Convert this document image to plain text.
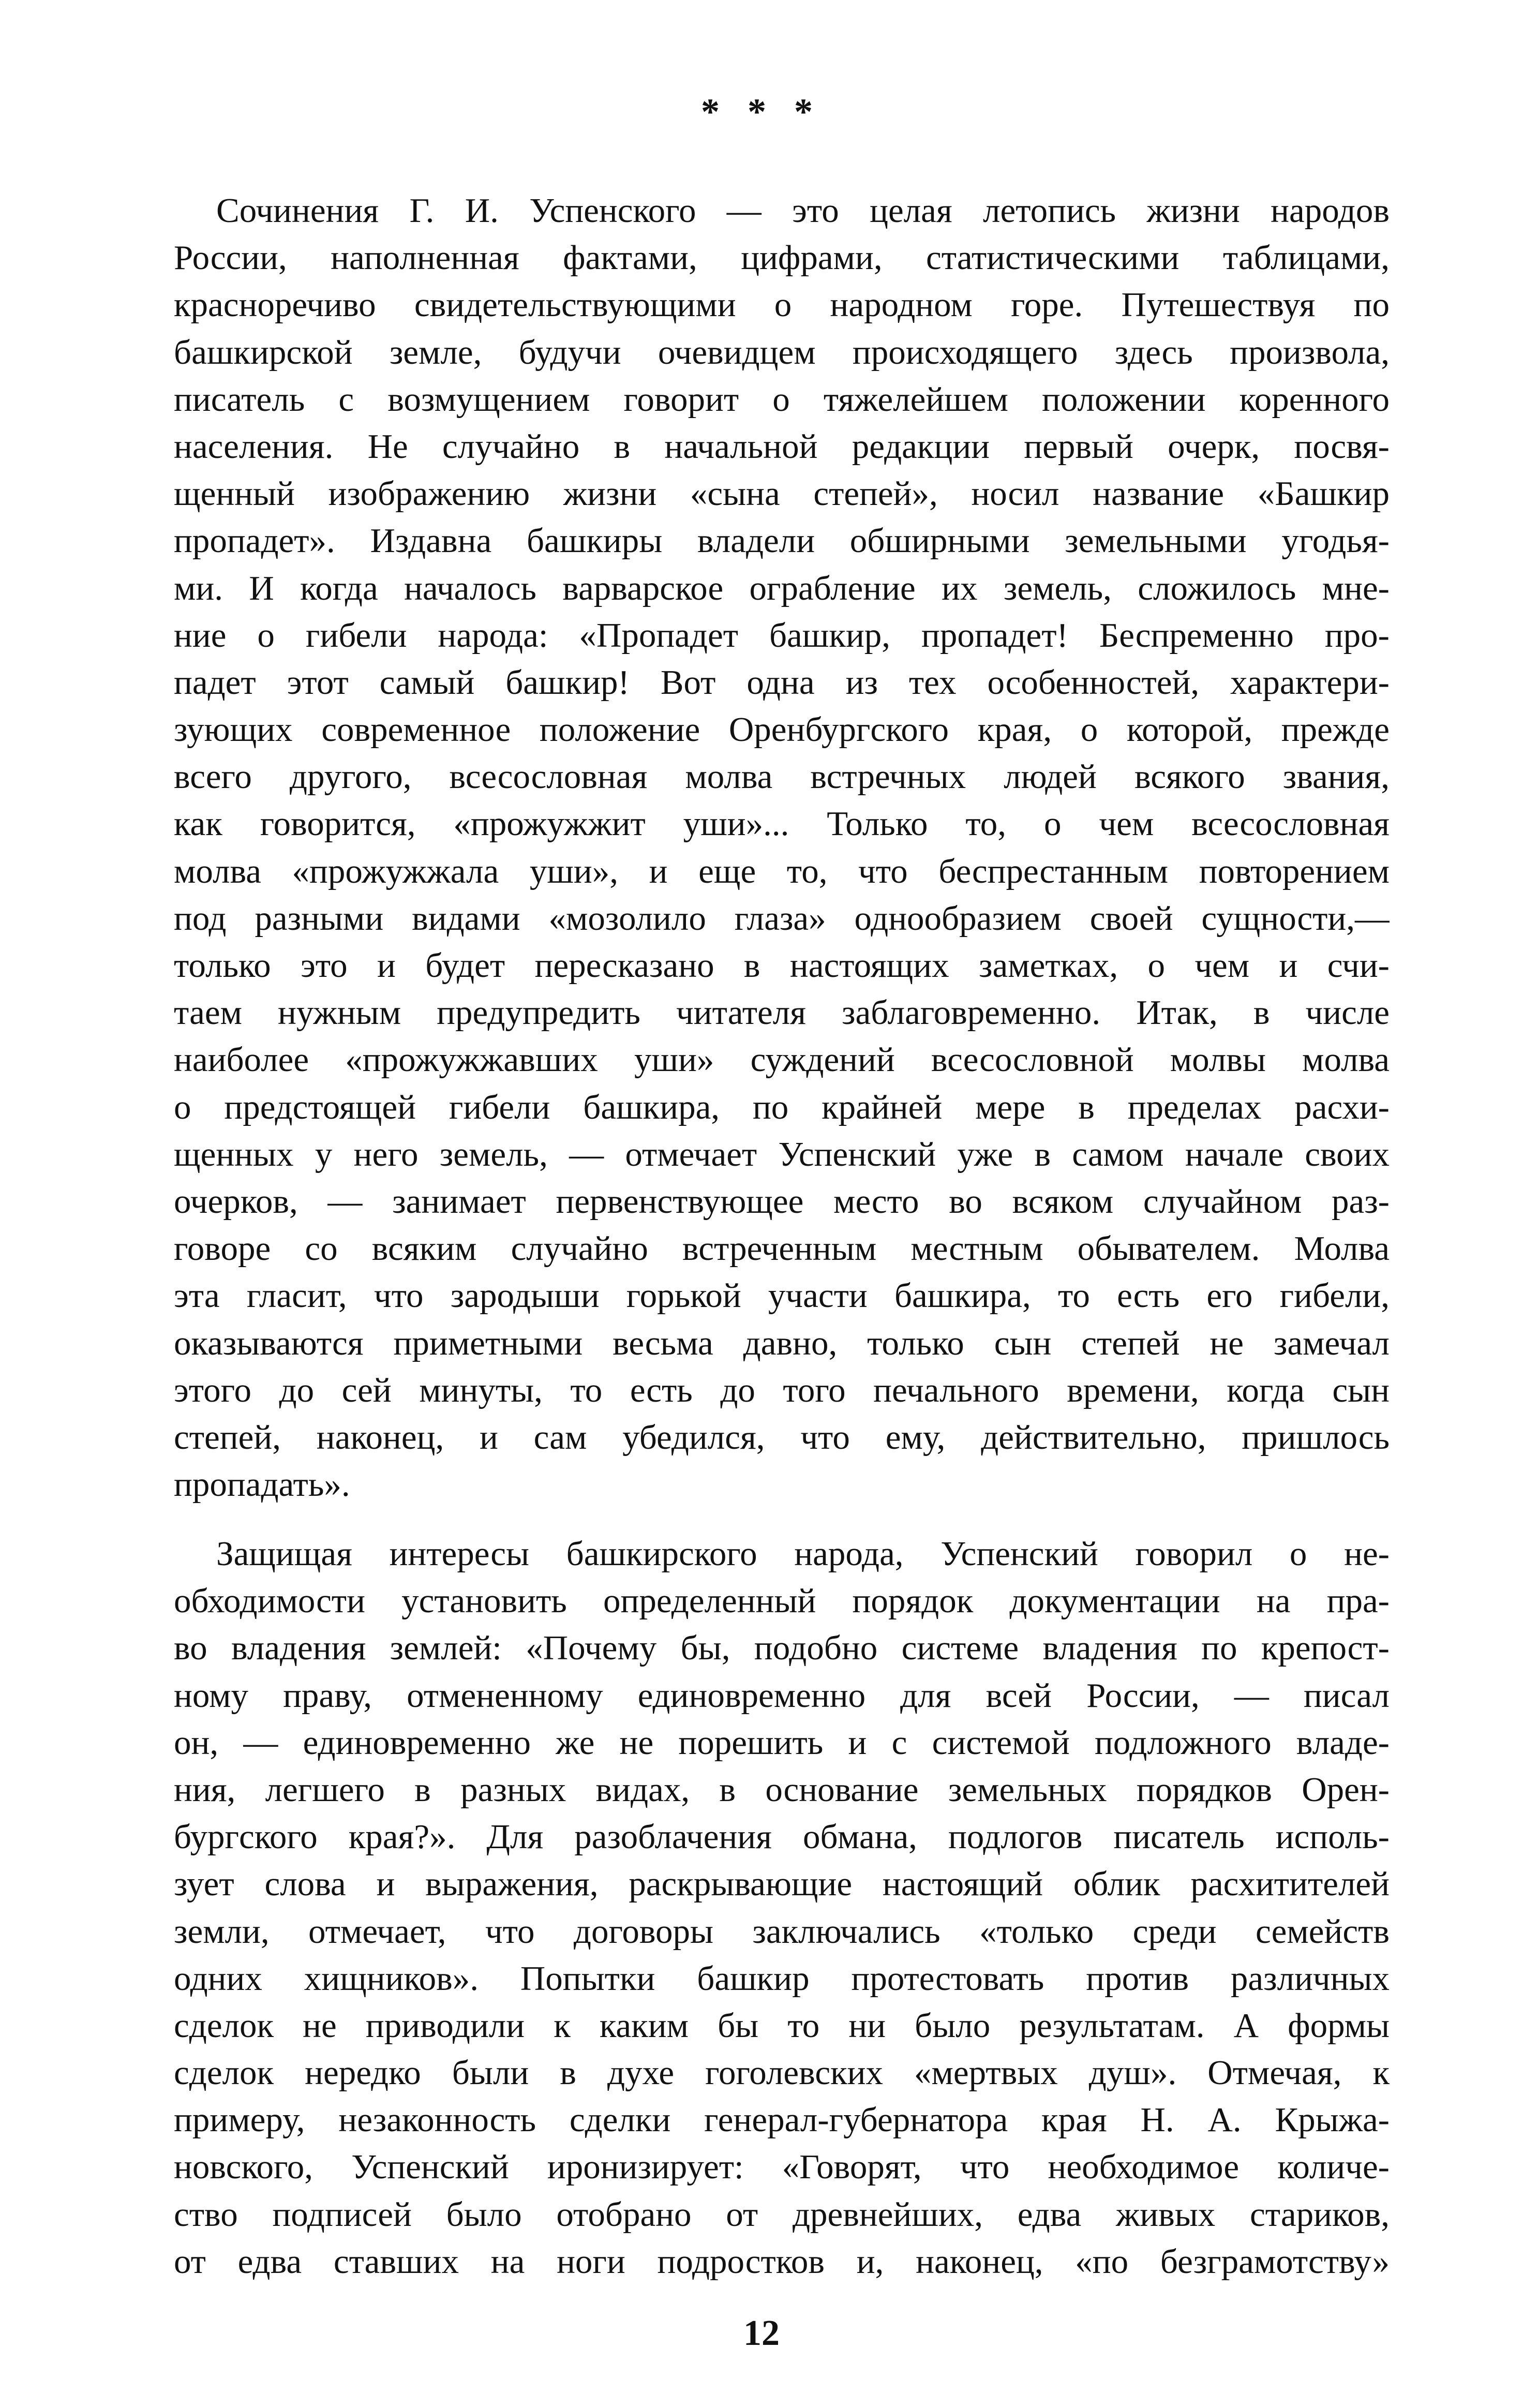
* * *
Сочинения Г. И. Успенского — это целая летопись жизни народов
России, наполненная фактами, цифрами, статистическими таблицами,
красноречиво свидетельствующими о народном горе. Путешествуя по
башкирской земле, будучи очевидцем происходящего здесь произвола,
писатель с возмущением говорит о тяжелейшем положении коренного
населения. Не случайно в начальной редакции первый очерк, посвя-
щенный изображению жизни «сына степей», носил название «Башкир
пропадет». Издавна башкиры владели обширными земельными угодья-
ми. И когда началось варварское ограбление их земель, сложилось мне-
ние о гибели народа: «Пропадет башкир, пропадет! Беспременно про-
падет этот самый башкир! Вот одна из тех особенностей, характери-
зующих современное положение Оренбургского края, о которой, прежде
всего другого, всесословная молва встречных людей всякого звания,
как говорится, «прожужжит уши»... Только то, о чем всесословная
молва «прожужжала уши», и еще то, что беспрестанным повторением
под разными видами «мозолило глаза» однообразием своей сущности,—
только это и будет пересказано в настоящих заметках, о чем и счи-
таем нужным предупредить читателя заблаговременно. Итак, в числе
наиболее «прожужжавших уши» суждений всесословной молвы молва
о предстоящей гибели башкира, по крайней мере в пределах расхи-
щенных у него земель, — отмечает Успенский уже в самом начале своих
очерков, — занимает первенствующее место во всяком случайном раз-
говоре со всяким случайно встреченным местным обывателем. Молва
эта гласит, что зародыши горькой участи башкира, то есть его гибели,
оказываются приметными весьма давно, только сын степей не замечал
этого до сей минуты, то есть до того печального времени, когда сын
степей, наконец, и сам убедился, что ему, действительно, пришлось
пропадать».
Защищая интересы башкирского народа, Успенский говорил о не-
обходимости установить определенный порядок документации на пра-
во владения землей: «Почему бы, подобно системе владения по крепост-
ному праву, отмененному единовременно для всей России, — писал
он, — единовременно же не порешить и с системой подложного владе-
ния, легшего в разных видах, в основание земельных порядков Орен-
бургского края?». Для разоблачения обмана, подлогов писатель исполь-
зует слова и выражения, раскрывающие настоящий облик расхитителей
земли, отмечает, что договоры заключались «только среди семейств
одних хищников». Попытки башкир протестовать против различных
сделок не приводили к каким бы то ни было результатам. А формы
сделок нередко были в духе гоголевских «мертвых душ». Отмечая, к
примеру, незаконность сделки генерал-губернатора края Н. А. Крыжа-
новского, Успенский иронизирует: «Говорят, что необходимое количе-
ство подписей было отобрано от древнейших, едва живых стариков,
от едва ставших на ноги подростков и, наконец, «по безграмотству»
12
